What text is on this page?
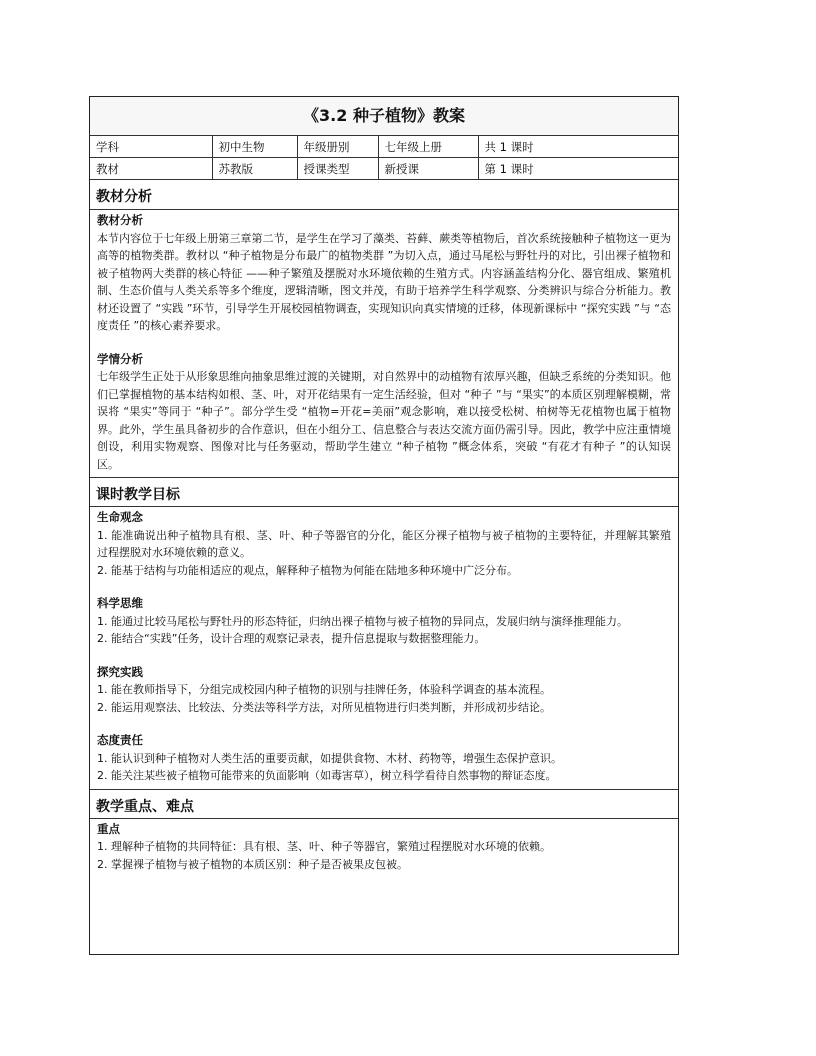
《3.2 种子植物》教案
学科	初中生物	年级册别	七年级上册	共 1 课时
教材	苏教版	授课类型	新授课	第 1 课时
教材分析
教材分析
本节内容位于七年级上册第三章第二节，是学生在学习了藻类、苔藓、蕨类等植物后，首次系统接触种子植物这一更为高等的植物类群。教材以 “种子植物是分布最广的植物类群 ”为切入点，通过马尾松与野牡丹的对比，引出裸子植物和被子植物两大类群的核心特征 ——种子繁殖及摆脱对水环境依赖的生殖方式。内容涵盖结构分化、器官组成、繁殖机制、生态价值与人类关系等多个维度，逻辑清晰，图文并茂，有助于培养学生科学观察、分类辨识与综合分析能力。教材还设置了 “实践 ”环节，引导学生开展校园植物调查，实现知识向真实情境的迁移，体现新课标中 “探究实践 ”与 “态度责任 ”的核心素养要求。
学情分析
七年级学生正处于从形象思维向抽象思维过渡的关键期，对自然界中的动植物有浓厚兴趣，但缺乏系统的分类知识。他们已掌握植物的基本结构如根、茎、叶，对开花结果有一定生活经验，但对 “种子 ”与 “果实”的本质区别理解模糊，常误将 “果实”等同于 “种子”。部分学生受 “植物=开花=美丽”观念影响，难以接受松树、柏树等无花植物也属于植物界。此外，学生虽具备初步的合作意识，但在小组分工、信息整合与表达交流方面仍需引导。因此，教学中应注重情境创设，利用实物观察、图像对比与任务驱动，帮助学生建立 “种子植物 ”概念体系，突破 “有花才有种子 ”的认知误区。
课时教学目标
生命观念
1. 能准确说出种子植物具有根、茎、叶、种子等器官的分化，能区分裸子植物与被子植物的主要特征，并理解其繁殖过程摆脱对水环境依赖的意义。
2. 能基于结构与功能相适应的观点，解释种子植物为何能在陆地多种环境中广泛分布。
科学思维
1. 能通过比较马尾松与野牡丹的形态特征，归纳出裸子植物与被子植物的异同点，发展归纳与演绎推理能力。
2. 能结合“实践”任务，设计合理的观察记录表，提升信息提取与数据整理能力。
探究实践
1. 能在教师指导下，分组完成校园内种子植物的识别与挂牌任务，体验科学调查的基本流程。
2. 能运用观察法、比较法、分类法等科学方法，对所见植物进行归类判断，并形成初步结论。
态度责任
1. 能认识到种子植物对人类生活的重要贡献，如提供食物、木材、药物等，增强生态保护意识。
2. 能关注某些被子植物可能带来的负面影响（如毒害草），树立科学看待自然事物的辩证态度。
教学重点、难点
重点
1. 理解种子植物的共同特征：具有根、茎、叶、种子等器官，繁殖过程摆脱对水环境的依赖。
2. 掌握裸子植物与被子植物的本质区别：种子是否被果皮包被。
